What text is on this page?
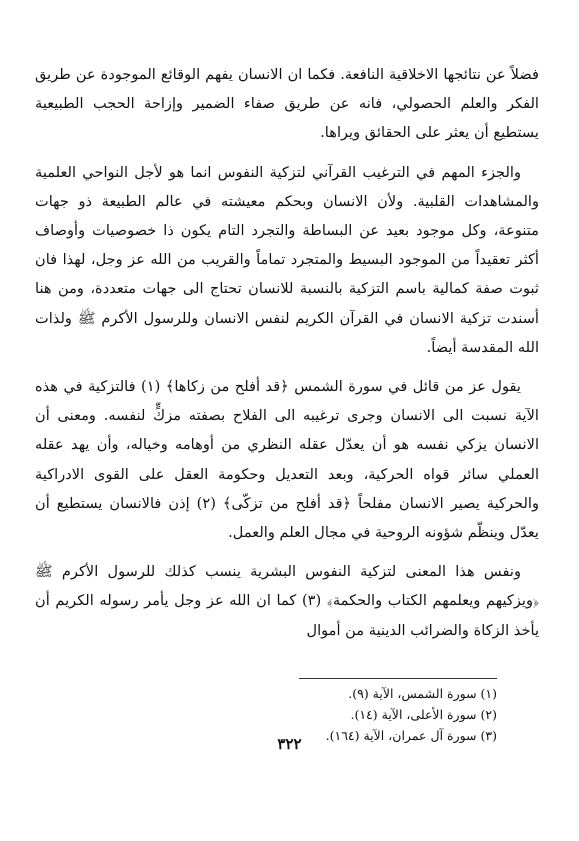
فضلاً عن نتائجها الاخلاقية النافعة. فكما ان الانسان يفهم الوقائع الموجودة عن طريق الفكر والعلم الحصولي، فانه عن طريق صفاء الضمير وإزاحة الحجب الطبيعية يستطيع أن يعثر على الحقائق ويراها.

والجزء المهم في الترغيب القرآني لتزكية النفوس انما هو لأجل النواحي العلمية والمشاهدات القلبية. ولأن الانسان وبحكم معيشته في عالم الطبيعة ذو جهات متنوعة، وكل موجود بعيد عن البساطة والتجرد التام يكون ذا خصوصيات وأوصاف أكثر تعقيداً من الموجود البسيط والمتجرد تماماً والقريب من الله عز وجل، لهذا فان ثبوت صفة كمالية باسم التزكية بالنسبة للانسان تحتاج الى جهات متعددة، ومن هنا أسندت تزكية الانسان في القرآن الكريم لنفس الانسان وللرسول الأكرم ﷺ ولذات الله المقدسة أيضاً.

يقول عز من قائل في سورة الشمس ﴿قد أفلح من زكاها﴾ (١) فالتزكية في هذه الآية نسبت الى الانسان وجرى ترغيبه الى الفلاح بصفته مزكٍّ لنفسه. ومعنى أن الانسان يزكي نفسه هو أن يعدّل عقله النظري من أوهامه وخياله، وأن يهد عقله العملي سائر قواه الحركية، وبعد التعديل وحكومة العقل على القوى الادراكية والحركية يصير الانسان مفلحاً ﴿قد أفلح من تزكّى﴾ (٢) إذن فالانسان يستطيع أن يعدّل وينظّم شؤونه الروحية في مجال العلم والعمل.

ونفس هذا المعنى لتزكية النفوس البشرية ينسب كذلك للرسول الأكرم ﷺ ﴿ويزكيهم ويعلمهم الكتاب والحكمة﴾ (٣) كما ان الله عز وجل يأمر رسوله الكريم أن يأخذ الزكاة والضرائب الدينية من أموال

(١) سورة الشمس، الآية (٩).

(٢) سورة الأعلى، الآية (١٤).

(٣) سورة آل عمران، الآية (١٦٤).

٣٢٢
